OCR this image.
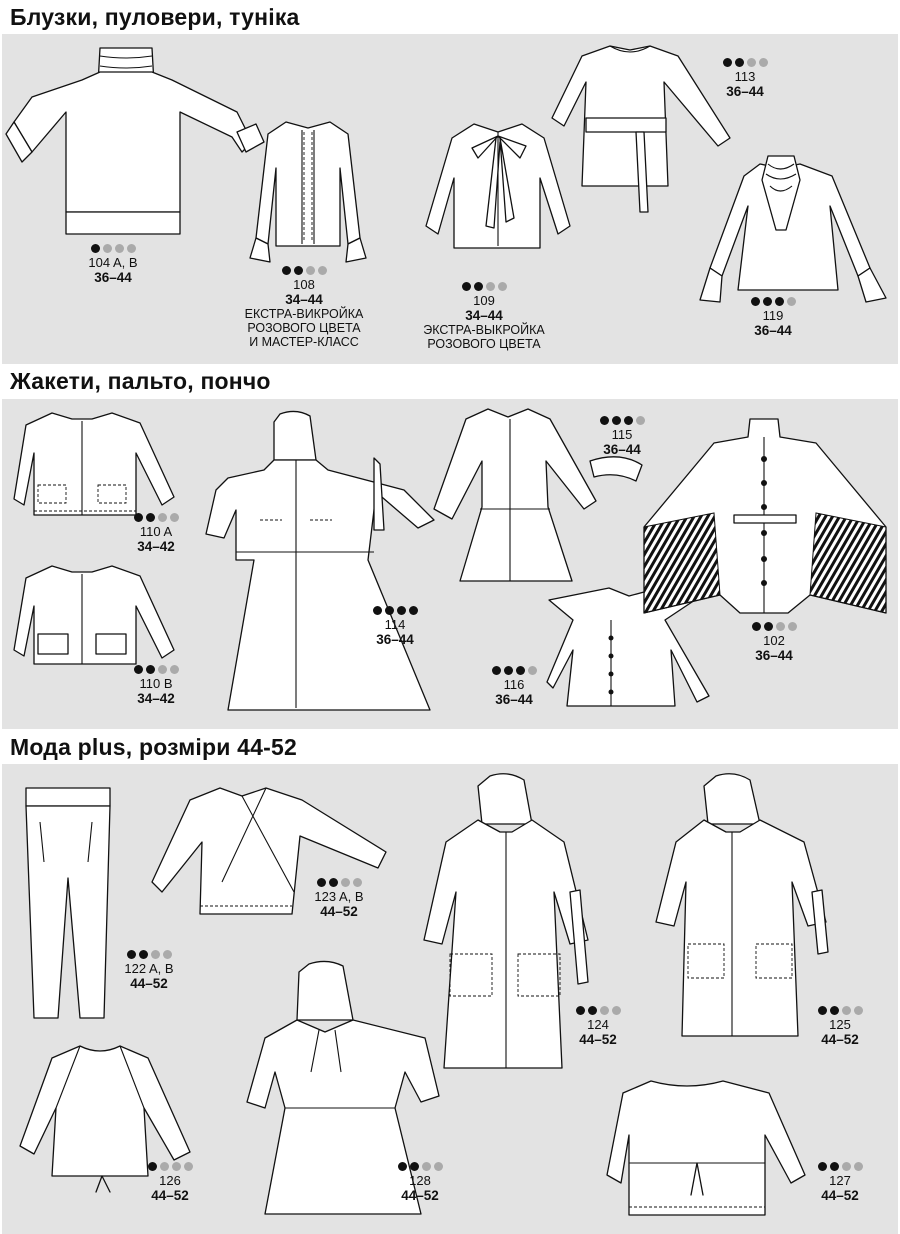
Блузки, пуловери, туніка
Жакети, пальто, пончо
Мода plus, розміри 44-52
104 A, B
36–44	108
34–44
ЕКСТРА-ВИКРОЙКА
РОЗОВОГО ЦВЕТА
И МАСТЕР-КЛАСС
109
34–44
ЭКСТРА-ВЫКРОЙКА
РОЗОВОГО ЦВЕТА
113
36–44
119
36–44
110 A
34–42
110 B
34–42
114
36–44
115
36–44
116
36–44
102
36–44
122 A, B
44–52
123 A, B
44–52
124
44–52
125
44–52
126
44–52
128
44–52
127
44–52
